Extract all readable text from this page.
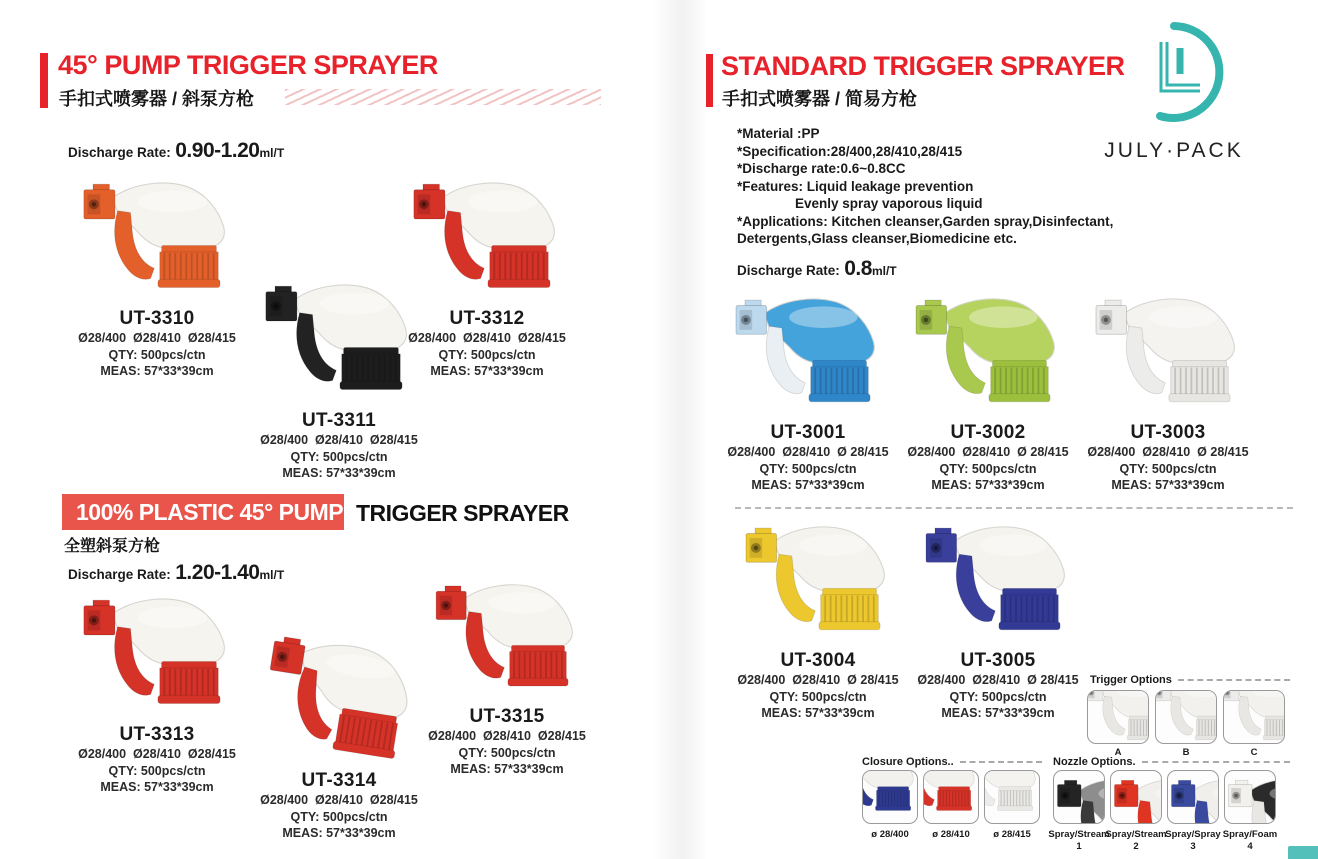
45° PUMP TRIGGER SPRAYER
手扣式喷雾器 / 斜泵方枪
Discharge Rate: 0.90-1.20ml/T
UT-3310
Ø28/400  Ø28/410  Ø28/415
QTY: 500pcs/ctn
MEAS: 57*33*39cm
UT-3311
Ø28/400  Ø28/410  Ø28/415
QTY: 500pcs/ctn
MEAS: 57*33*39cm
UT-3312
Ø28/400  Ø28/410  Ø28/415
QTY: 500pcs/ctn
MEAS: 57*33*39cm
100% PLASTIC 45° PUMP TRIGGER SPRAYER
全塑斜泵方枪
Discharge Rate: 1.20-1.40ml/T
UT-3313
Ø28/400  Ø28/410  Ø28/415
QTY: 500pcs/ctn
MEAS: 57*33*39cm	UT-3314
Ø28/400  Ø28/410  Ø28/415
QTY: 500pcs/ctn
MEAS: 57*33*39cm
UT-3315
Ø28/400  Ø28/410  Ø28/415
QTY: 500pcs/ctn
MEAS: 57*33*39cm
STANDARD TRIGGER SPRAYER
手扣式喷雾器 / 简易方枪
*Material :PP
*Specification:28/400,28/410,28/415
*Discharge rate:0.6~0.8CC
*Features: Liquid leakage prevention
Evenly spray vaporous liquid
*Applications: Kitchen cleanser,Garden spray,Disinfectant,
Detergents,Glass cleanser,Biomedicine etc.
Discharge Rate: 0.8ml/T
UT-3001
Ø28/400  Ø28/410  Ø 28/415
QTY: 500pcs/ctn
MEAS: 57*33*39cm
UT-3002
Ø28/400  Ø28/410  Ø 28/415
QTY: 500pcs/ctn
MEAS: 57*33*39cm
UT-3003
Ø28/400  Ø28/410  Ø 28/415
QTY: 500pcs/ctn
MEAS: 57*33*39cm
UT-3004
Ø28/400  Ø28/410  Ø 28/415
QTY: 500pcs/ctn
MEAS: 57*33*39cm
UT-3005
Ø28/400  Ø28/410  Ø 28/415
QTY: 500pcs/ctn
MEAS: 57*33*39cm
Trigger Options
A	B	C
Closure Options..
ø 28/400	ø 28/410	ø 28/415
Nozzle Options.
Spray/Stream
1
Spray/Stream
2
Spray/Spray
3
Spray/Foam
4
JULY·PACK
